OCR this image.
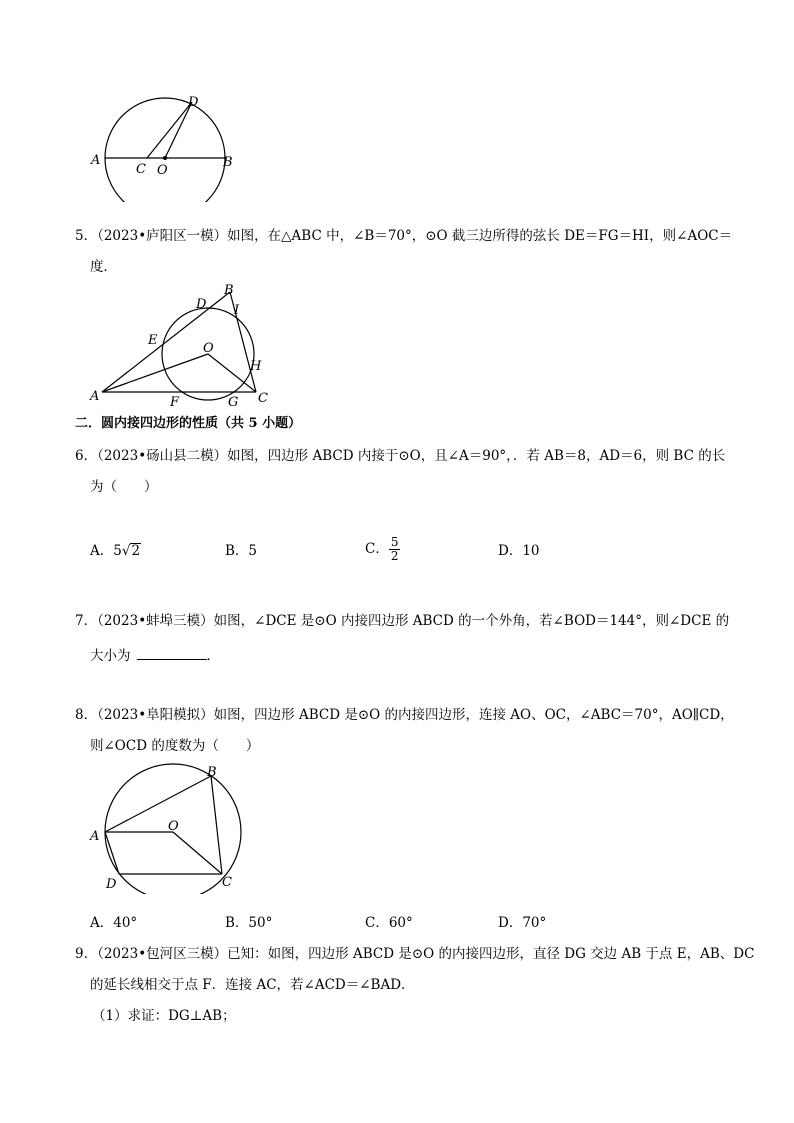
A	B
C O
D
5．（2023•庐阳区一模）如图，在△ABC 中，∠B＝70°，⊙O 截三边所得的弦长 DE＝FG＝HI，则∠AOC＝
度．
A
B
C
D
E
F	G
H
I
O
二．圆内接四边形的性质（共 5 小题）
6．（2023•砀山县二模）如图，四边形 ABCD 内接于⊙O，且∠A＝90°，．若 AB＝8，AD＝6，则 BC 的长
为（　　）
A．5√2	B．5	C． $\frac{5}{2}$	D．10
7．（2023•蚌埠三模）如图，∠DCE 是⊙O 内接四边形 ABCD 的一个外角，若∠BOD＝144°，则∠DCE 的
大小为	．
8．（2023•阜阳模拟）如图，四边形 ABCD 是⊙O 的内接四边形，连接 AO、OC，∠ABC＝70°，AO∥CD，
则∠OCD 的度数为（　　）
A
B
C
D
O
A．40°	B．50°	C．60°	D．70°
9．（2023•包河区三模）已知：如图，四边形 ABCD 是⊙O 的内接四边形，直径 DG 交边 AB 于点 E，AB、DC
的延长线相交于点 F．连接 AC，若∠ACD＝∠BAD．
（1）求证：DG⊥AB；
